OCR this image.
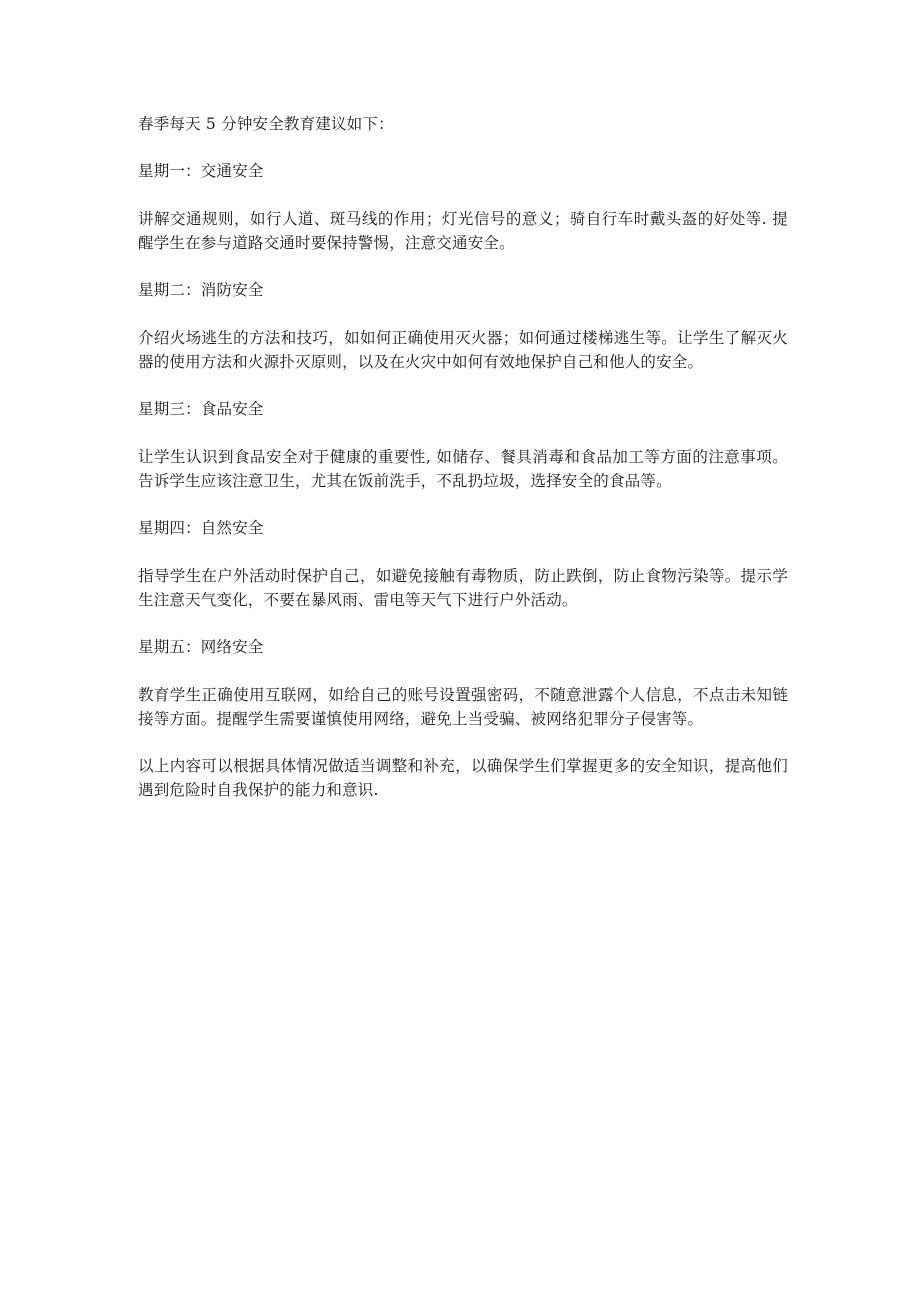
春季每天 5 分钟安全教育建议如下：

星期一：交通安全

讲解交通规则，如行人道、斑马线的作用；灯光信号的意义；骑自行车时戴头盔的好处等. 提醒学生在参与道路交通时要保持警惕，注意交通安全。

星期二：消防安全

介绍火场逃生的方法和技巧，如如何正确使用灭火器；如何通过楼梯逃生等。让学生了解灭火器的使用方法和火源扑灭原则，以及在火灾中如何有效地保护自己和他人的安全。

星期三：食品安全

让学生认识到食品安全对于健康的重要性, 如储存、餐具消毒和食品加工等方面的注意事项。告诉学生应该注意卫生，尤其在饭前洗手，不乱扔垃圾，选择安全的食品等。

星期四：自然安全

指导学生在户外活动时保护自己，如避免接触有毒物质，防止跌倒，防止食物污染等。提示学生注意天气变化，不要在暴风雨、雷电等天气下进行户外活动。

星期五：网络安全

教育学生正确使用互联网，如给自己的账号设置强密码，不随意泄露个人信息，不点击未知链接等方面。提醒学生需要谨慎使用网络，避免上当受骗、被网络犯罪分子侵害等。

以上内容可以根据具体情况做适当调整和补充，以确保学生们掌握更多的安全知识，提高他们遇到危险时自我保护的能力和意识.
